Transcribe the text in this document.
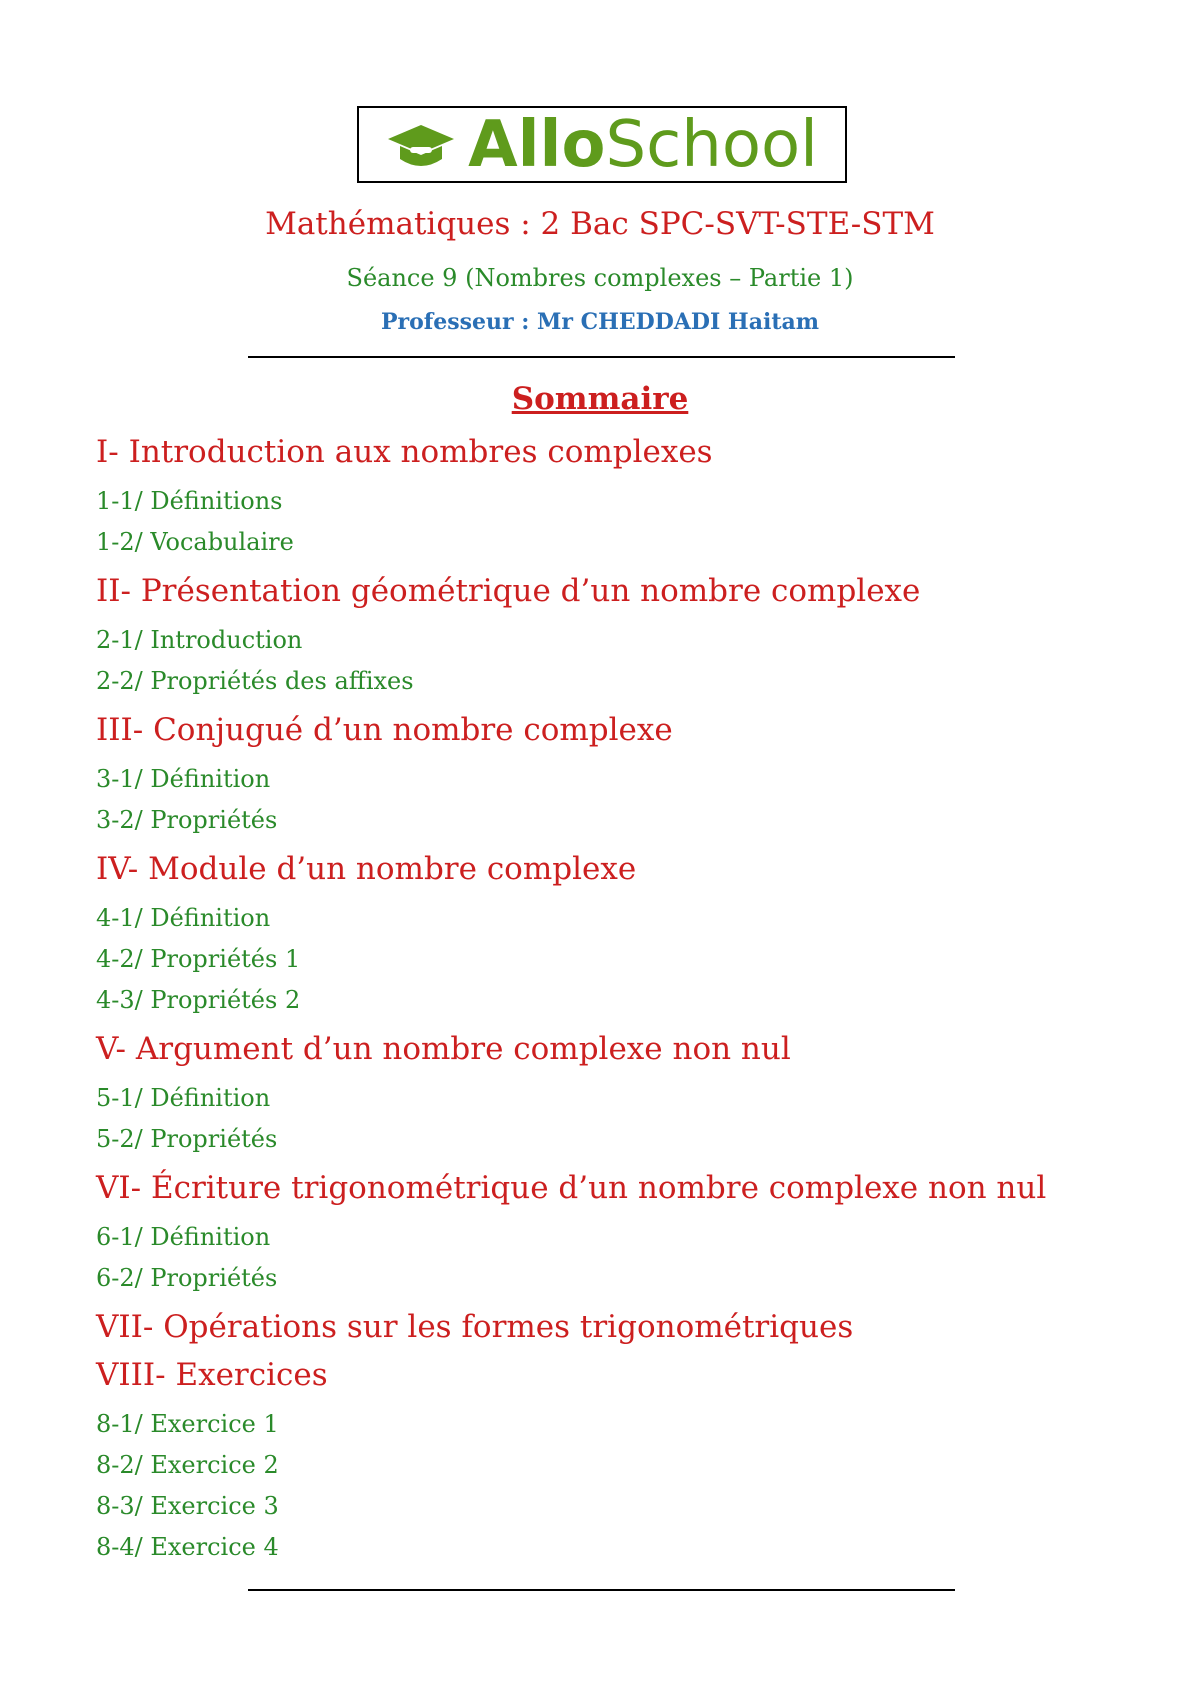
AlloSchool
Mathématiques : 2 Bac SPC-SVT-STE-STM
Séance 9 (Nombres complexes – Partie 1)
Professeur : Mr CHEDDADI Haitam
Sommaire
I- Introduction aux nombres complexes
1-1/ Définitions
1-2/ Vocabulaire
II- Présentation géométrique d’un nombre complexe
2-1/ Introduction
2-2/ Propriétés des affixes
III- Conjugué d’un nombre complexe
3-1/ Définition
3-2/ Propriétés
IV- Module d’un nombre complexe
4-1/ Définition
4-2/ Propriétés 1
4-3/ Propriétés 2
V- Argument d’un nombre complexe non nul
5-1/ Définition
5-2/ Propriétés
VI- Écriture trigonométrique d’un nombre complexe non nul
6-1/ Définition
6-2/ Propriétés
VII- Opérations sur les formes trigonométriques
VIII- Exercices
8-1/ Exercice 1
8-2/ Exercice 2
8-3/ Exercice 3
8-4/ Exercice 4
